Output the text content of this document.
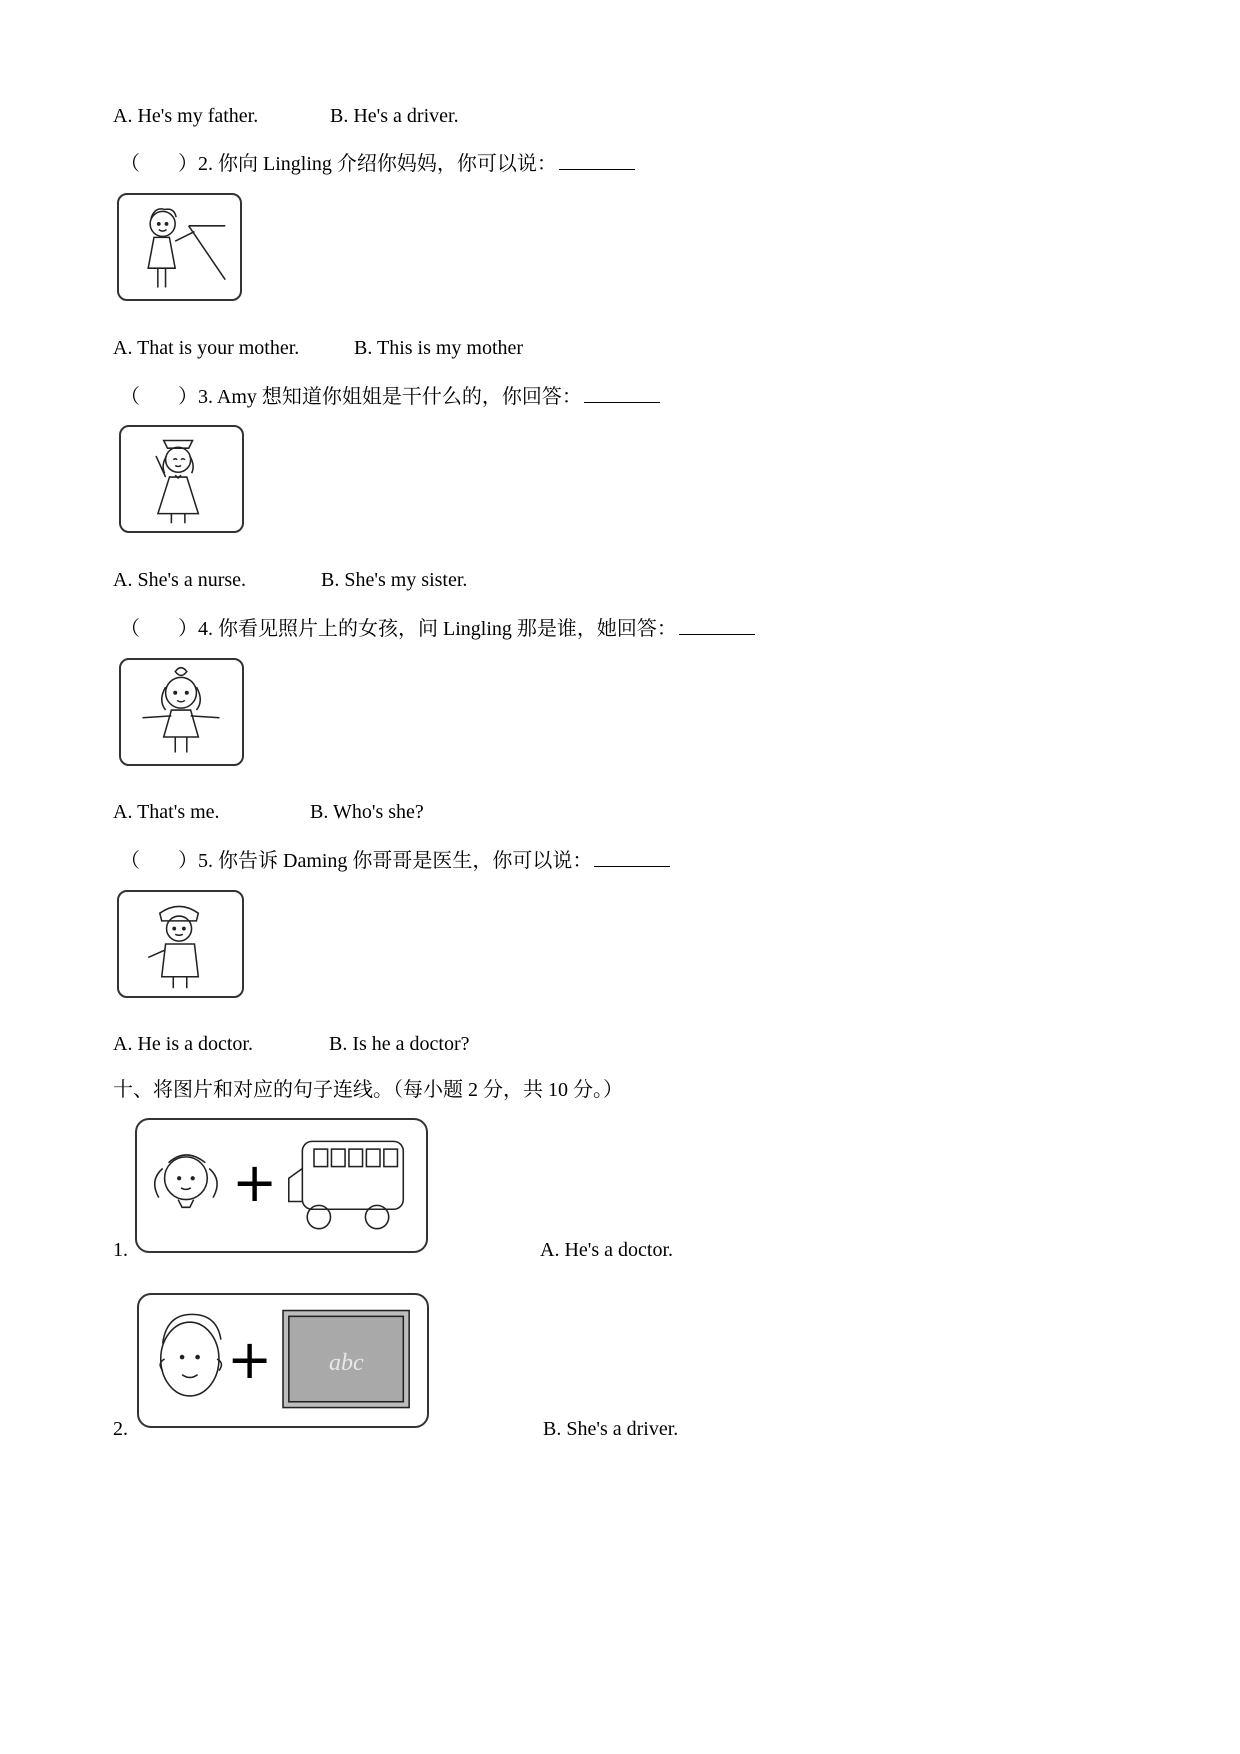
A. He's my father.	B. He's a driver.
（ ）2. 你向 Lingling 介绍你妈妈，你可以说：
A. That is your mother.	B. This is my mother
（ ）3. Amy 想知道你姐姐是干什么的，你回答：
A. She's a nurse.	B. She's my sister.
（ ）4. 你看见照片上的女孩，问 Lingling 那是谁，她回答：
A. That's me.	B. Who's she?
（ ）5. 你告诉 Daming 你哥哥是医生，你可以说：
A. He is a doctor.	B. Is he a doctor?
十、将图片和对应的句子连线。（每小题 2 分，共 10 分。）
1.
+
A. He's a doctor.
2.
+ abc
B. She's a driver.
